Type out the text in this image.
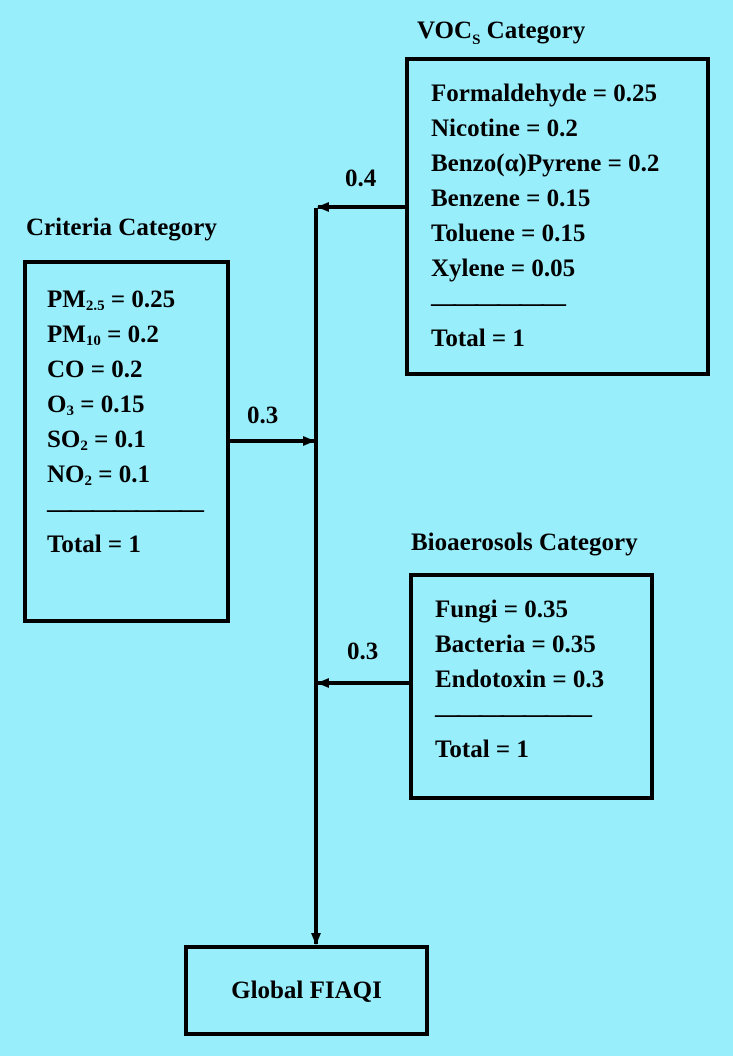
$VOC_S$ Category
0.4
Formaldehyde = 0.25
Nicotine = 0.2
Benzo(α)Pyrene = 0.2
Benzene = 0.15
Toluene = 0.15
Xylene = 0.05
——————
Total = 1
Criteria Category
0.3
$PM_{2.5} = 0.25$
$PM_{10} = 0.2$
CO = 0.2
$O_3 = 0.15$
$SO_2 = 0.1$
$NO_2 = 0.1$
———————
Total = 1	Bioaerosols Category
0.3
Fungi = 0.35
Bacteria = 0.35
Endotoxin = 0.3
———————
Total = 1
Global FIAQI
